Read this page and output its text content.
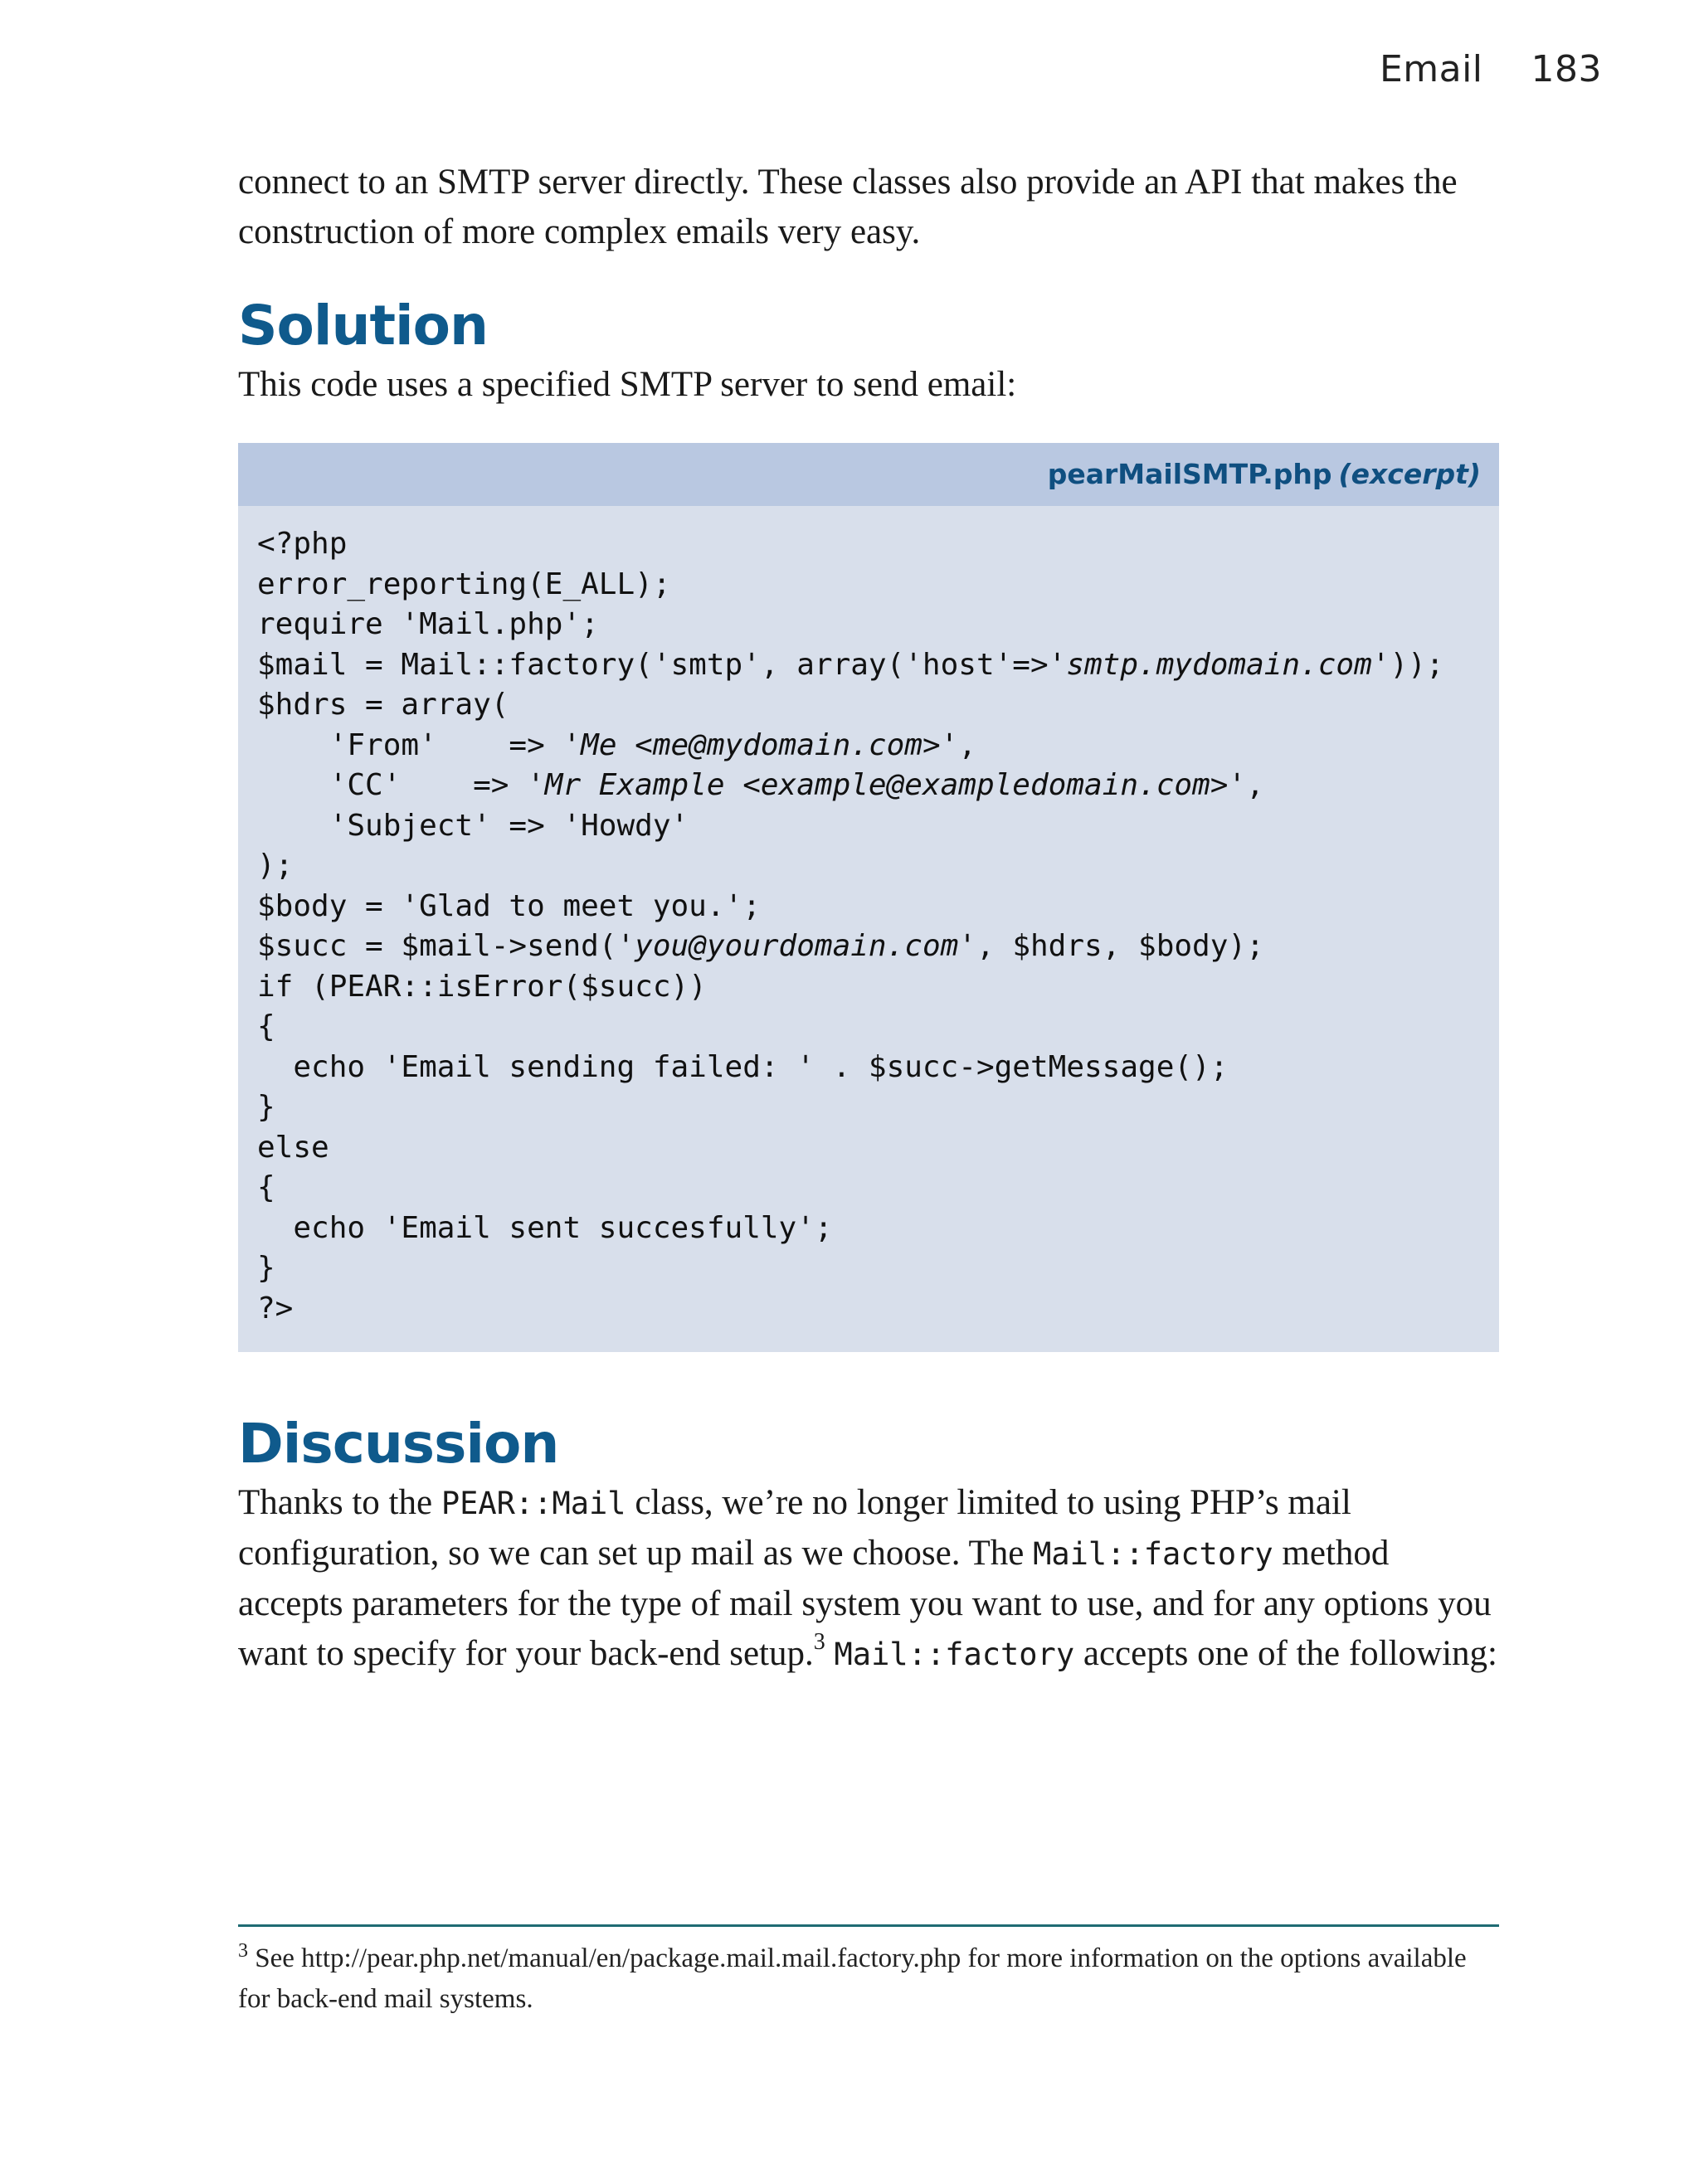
Email 183

connect to an SMTP server directly. These classes also provide an API that makes the construction of more complex emails very easy.

Solution

This code uses a specified SMTP server to send email:

pearMailSMTP.php (excerpt)
<?php
error_reporting(E_ALL);
require 'Mail.php';
$mail = Mail::factory('smtp', array('host'=>'smtp.mydomain.com'));
$hdrs = array(
'From'    => 'Me <me@mydomain.com>',
'CC'    => 'Mr Example <example@exampledomain.com>',
'Subject' => 'Howdy'
);
$body = 'Glad to meet you.';
$succ = $mail->send('you@yourdomain.com', $hdrs, $body);
if (PEAR::isError($succ))
{
echo 'Email sending failed: ' . $succ->getMessage();
}
else
{
echo 'Email sent succesfully';
}
?>
Discussion

Thanks to the PEAR::Mail class, we’re no longer limited to using PHP’s mail configuration, so we can set up mail as we choose. The Mail::factory method accepts parameters for the type of mail system you want to use, and for any options you want to specify for your back-end setup.$^3$ Mail::factory accepts one of the following:

$^3$ See http://pear.php.net/manual/en/package.mail.mail.factory.php for more information on the options available for back-end mail systems.
